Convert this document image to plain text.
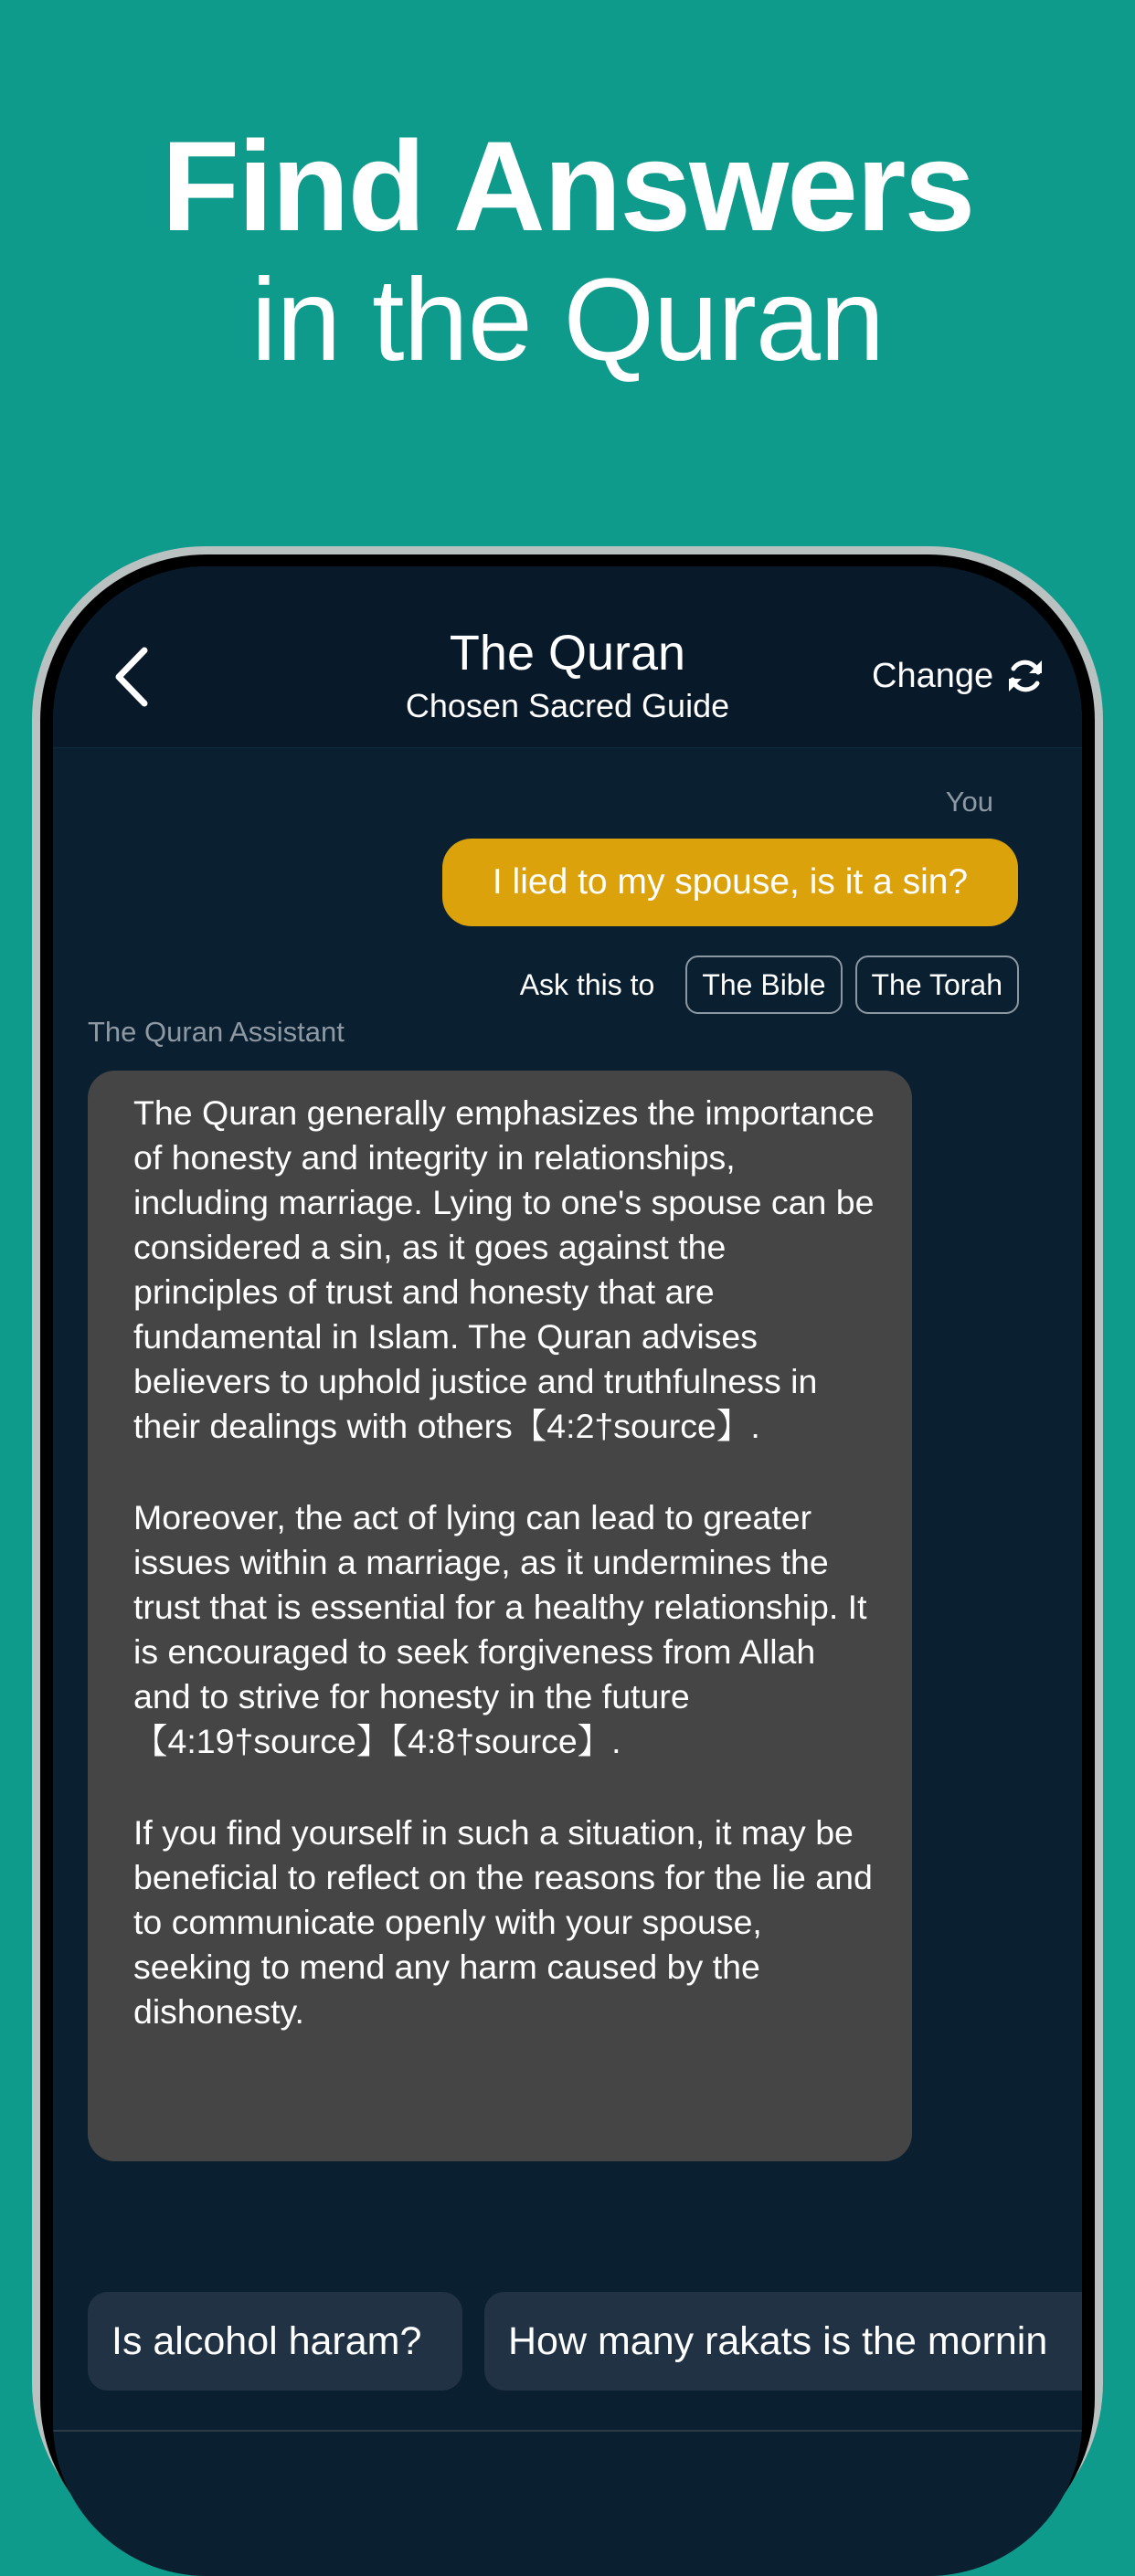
Find Answers
in the Quran
The Quran
Chosen Sacred Guide
Change
You
I lied to my spouse, is it a sin?
Ask this to	The Bible	The Torah
The Quran Assistant

The Quran generally emphasizes the importance of honesty and integrity in relationships, including marriage. Lying to one's spouse can be considered a sin, as it goes against the principles of trust and honesty that are fundamental in Islam. The Quran advises believers to uphold justice and truthfulness in their dealings with others【4:2†source】.

Moreover, the act of lying can lead to greater issues within a marriage, as it undermines the trust that is essential for a healthy relationship. It is encouraged to seek forgiveness from Allah and to strive for honesty in the future【4:19†source】【4:8†source】.

If you find yourself in such a situation, it may be beneficial to reflect on the reasons for the lie and to communicate openly with your spouse, seeking to mend any harm caused by the dishonesty.

Is alcohol haram?	How many rakats is the mornin
